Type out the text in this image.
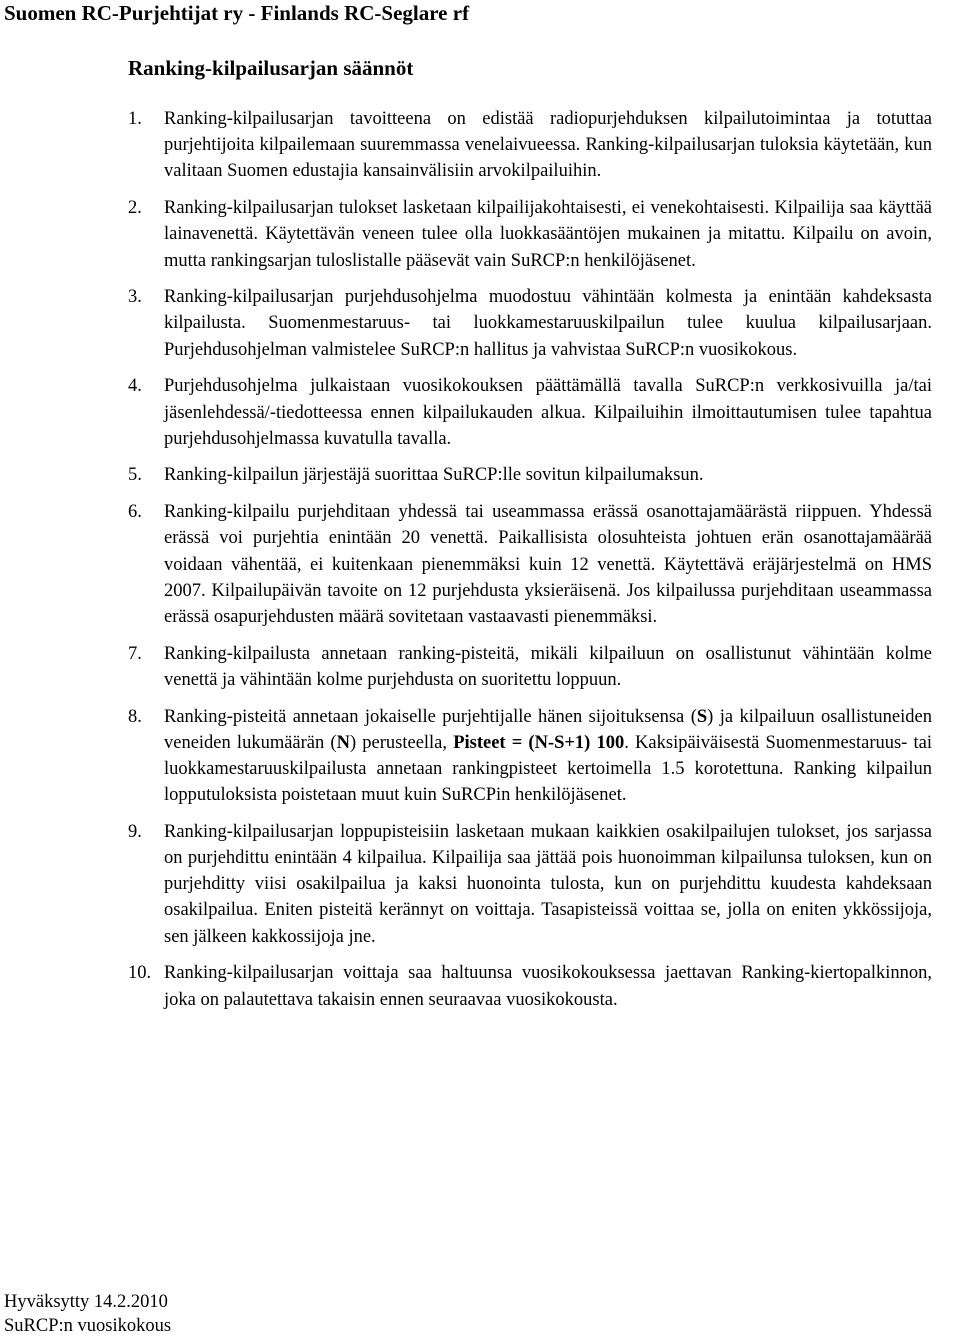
Suomen RC-Purjehtijat ry - Finlands RC-Seglare rf
Ranking-kilpailusarjan säännöt
1.	Ranking-kilpailusarjan tavoitteena on edistää radiopurjehduksen kilpailutoimintaa ja totuttaa purjehtijoita kilpailemaan suuremmassa venelaivueessa. Ranking-kilpailusarjan tuloksia käytetään, kun valitaan Suomen edustajia kansainvälisiin arvokilpailuihin.
2.	Ranking-kilpailusarjan tulokset lasketaan kilpailijakohtaisesti, ei venekohtaisesti. Kilpailija saa käyttää lainavenettä. Käytettävän veneen tulee olla luokkasääntöjen mukainen ja mitattu. Kilpailu on avoin, mutta rankingsarjan tuloslistalle pääsevät vain SuRCP:n henkilöjäsenet.
3.	Ranking-kilpailusarjan purjehdusohjelma muodostuu vähintään kolmesta ja enintään kahdeksasta kilpailusta. Suomenmestaruus- tai luokkamestaruuskilpailun tulee kuulua kilpailusarjaan. Purjehdusohjelman valmistelee SuRCP:n hallitus ja vahvistaa SuRCP:n vuosikokous.
4.	Purjehdusohjelma julkaistaan vuosikokouksen päättämällä tavalla SuRCP:n verkkosivuilla ja/tai jäsenlehdessä/-tiedotteessa ennen kilpailukauden alkua. Kilpailuihin ilmoittautumisen tulee tapahtua purjehdusohjelmassa kuvatulla tavalla.
5.	Ranking-kilpailun järjestäjä suorittaa SuRCP:lle sovitun kilpailumaksun.
6.	Ranking-kilpailu purjehditaan yhdessä tai useammassa erässä osanottajamäärästä riippuen. Yhdessä erässä voi purjehtia enintään 20 venettä. Paikallisista olosuhteista johtuen erän osanottajamäärää voidaan vähentää, ei kuitenkaan pienemmäksi kuin 12 venettä. Käytettävä eräjärjestelmä on HMS 2007. Kilpailupäivän tavoite on 12 purjehdusta yksieräisenä. Jos kilpailussa purjehditaan useammassa erässä osapurjehdusten määrä sovitetaan vastaavasti pienemmäksi.
7.	Ranking-kilpailusta annetaan ranking-pisteitä, mikäli kilpailuun on osallistunut vähintään kolme venettä ja vähintään kolme purjehdusta on suoritettu loppuun.
8.	Ranking-pisteitä annetaan jokaiselle purjehtijalle hänen sijoituksensa (S) ja kilpailuun osallistuneiden veneiden lukumäärän (N) perusteella, Pisteet = (N-S+1) 100. Kaksipäiväisestä Suomenmestaruus- tai luokkamestaruuskilpailusta annetaan rankingpisteet kertoimella 1.5 korotettuna. Ranking kilpailun lopputuloksista poistetaan muut kuin SuRCPin henkilöjäsenet.
9.	Ranking-kilpailusarjan loppupisteisiin lasketaan mukaan kaikkien osakilpailujen tulokset, jos sarjassa on purjehdittu enintään 4 kilpailua. Kilpailija saa jättää pois huonoimman kilpailunsa tuloksen, kun on purjehditty viisi osakilpailua ja kaksi huonointa tulosta, kun on purjehdittu kuudesta kahdeksaan osakilpailua. Eniten pisteitä kerännyt on voittaja. Tasapisteissä voittaa se, jolla on eniten ykkössijoja, sen jälkeen kakkossijoja jne.
10. Ranking-kilpailusarjan voittaja saa haltuunsa vuosikokouksessa jaettavan Ranking-kiertopalkinnon, joka on palautettava takaisin ennen seuraavaa vuosikokousta.
Hyväksytty 14.2.2010
SuRCP:n vuosikokous
